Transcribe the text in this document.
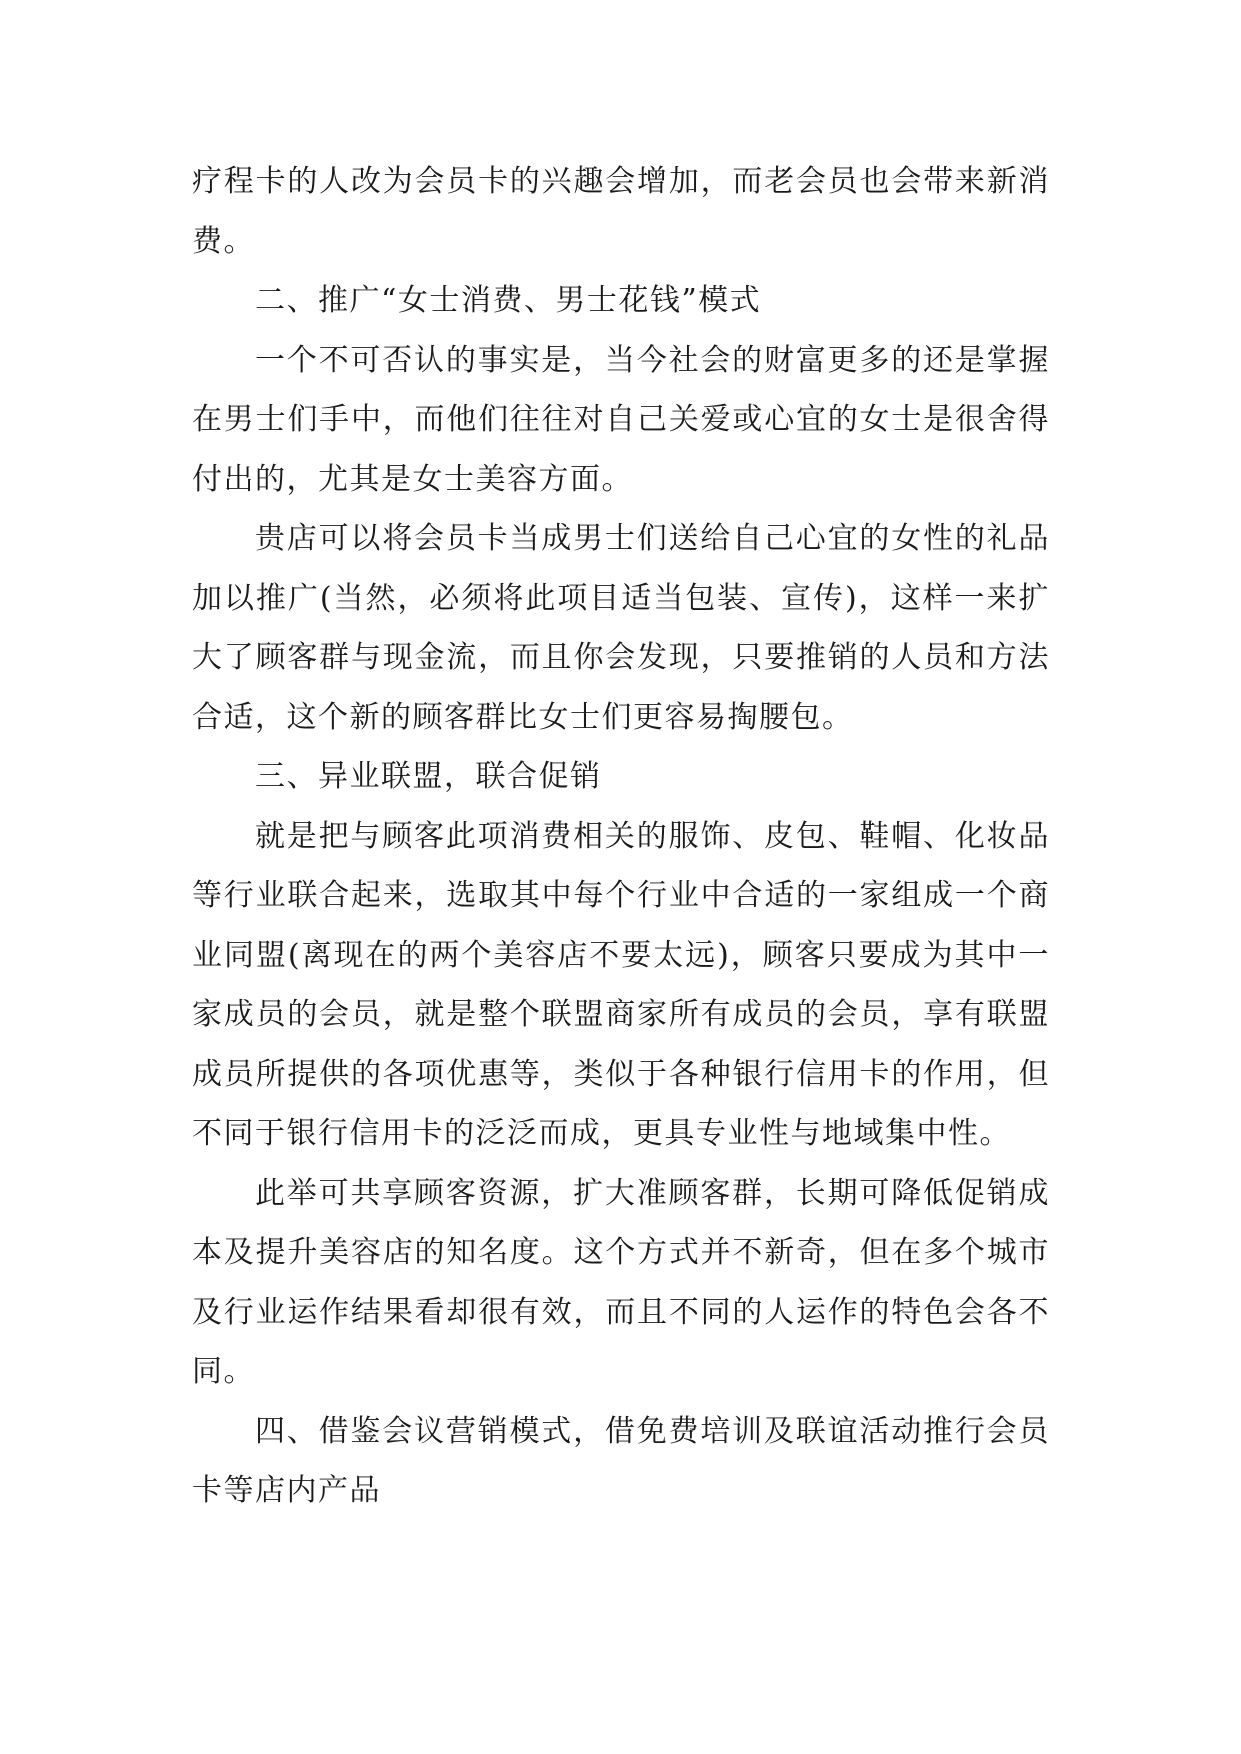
疗程卡的人改为会员卡的兴趣会增加，而老会员也会带来新消费。

二、推广“女士消费、男士花钱”模式

一个不可否认的事实是，当今社会的财富更多的还是掌握在男士们手中，而他们往往对自己关爱或心宜的女士是很舍得付出的，尤其是女士美容方面。

贵店可以将会员卡当成男士们送给自己心宜的女性的礼品加以推广(当然，必须将此项目适当包装、宣传)，这样一来扩大了顾客群与现金流，而且你会发现，只要推销的人员和方法合适，这个新的顾客群比女士们更容易掏腰包。

三、异业联盟，联合促销

就是把与顾客此项消费相关的服饰、皮包、鞋帽、化妆品等行业联合起来，选取其中每个行业中合适的一家组成一个商业同盟(离现在的两个美容店不要太远)，顾客只要成为其中一家成员的会员，就是整个联盟商家所有成员的会员，享有联盟成员所提供的各项优惠等，类似于各种银行信用卡的作用，但不同于银行信用卡的泛泛而成，更具专业性与地域集中性。

此举可共享顾客资源，扩大准顾客群，长期可降低促销成本及提升美容店的知名度。这个方式并不新奇，但在多个城市及行业运作结果看却很有效，而且不同的人运作的特色会各不同。

四、借鉴会议营销模式，借免费培训及联谊活动推行会员卡等店内产品
